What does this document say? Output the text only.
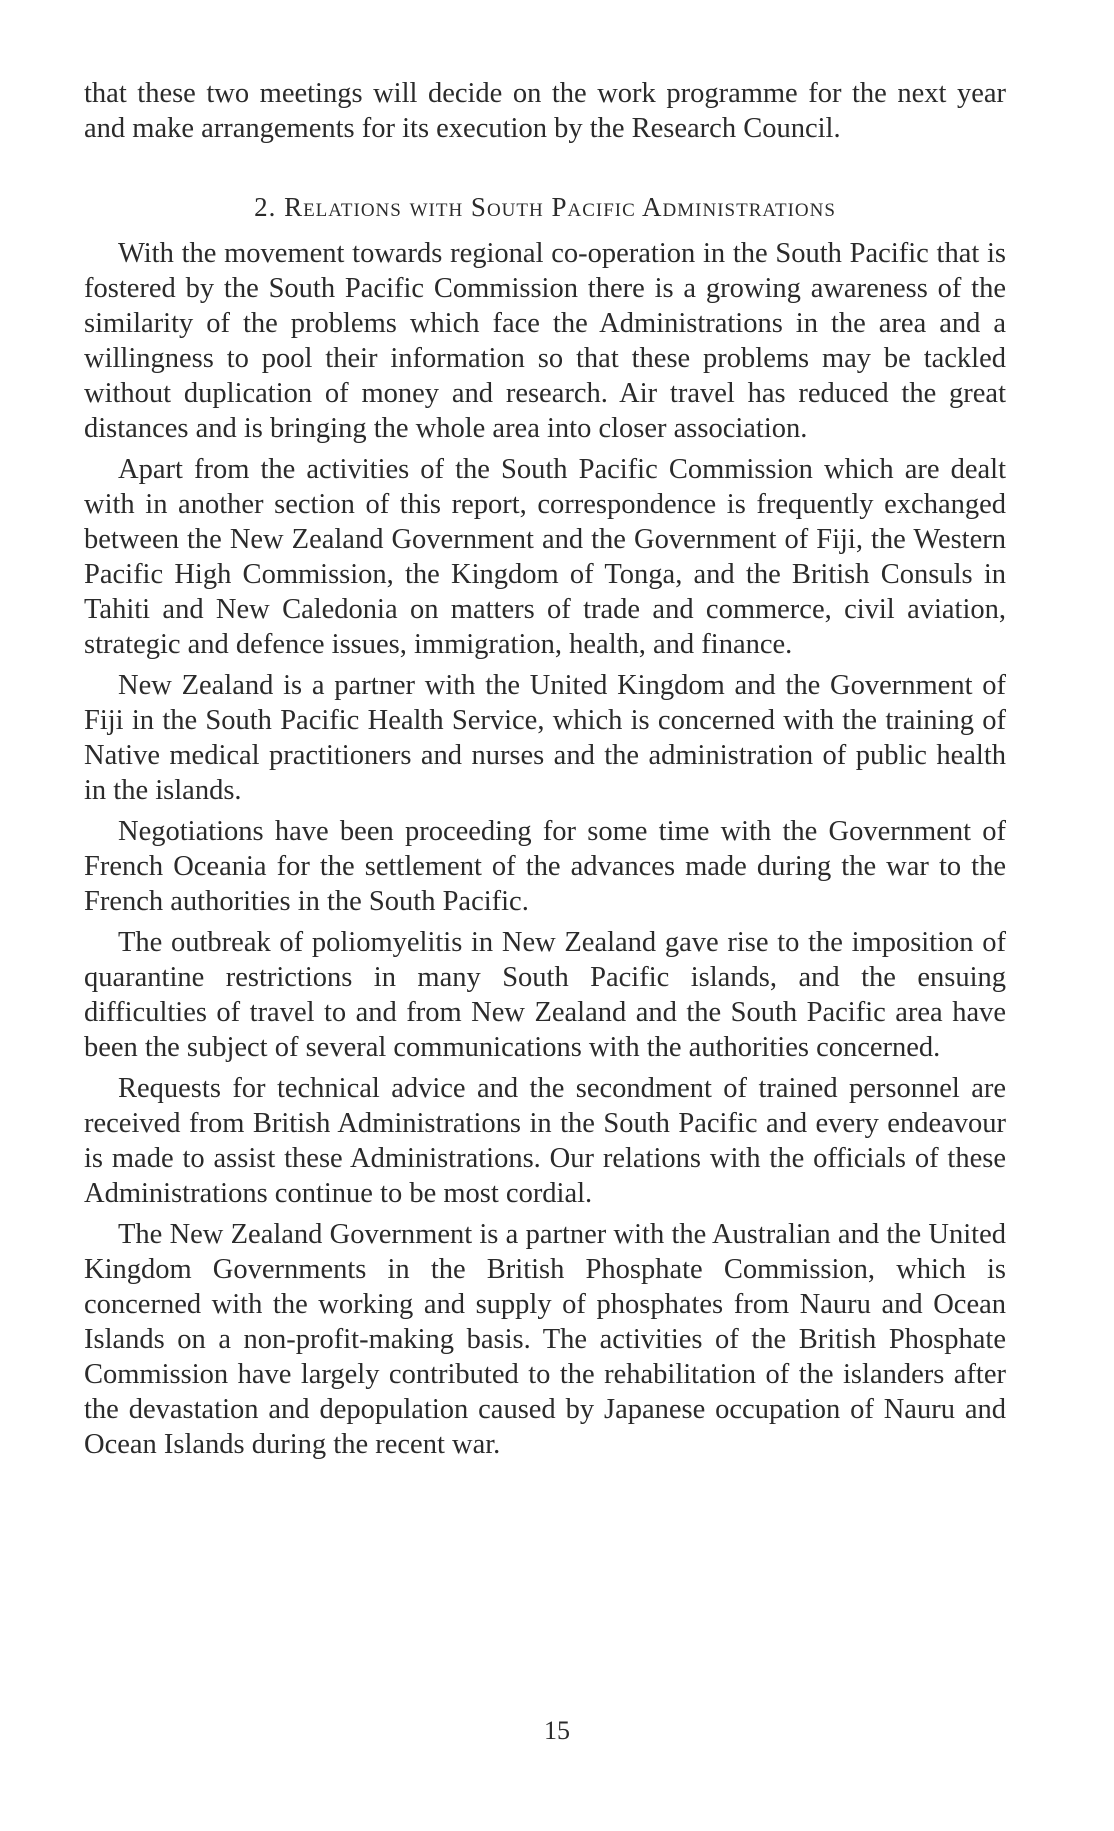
that these two meetings will decide on the work programme for the next year and make arrangements for its execution by the Research Council.

2. Relations with South Pacific Administrations

With the movement towards regional co-operation in the South Pacific that is fostered by the South Pacific Commission there is a growing awareness of the similarity of the problems which face the Administrations in the area and a willingness to pool their information so that these problems may be tackled without duplication of money and research. Air travel has reduced the great distances and is bringing the whole area into closer association.

Apart from the activities of the South Pacific Commission which are dealt with in another section of this report, correspondence is frequently exchanged between the New Zealand Government and the Government of Fiji, the Western Pacific High Commission, the Kingdom of Tonga, and the British Consuls in Tahiti and New Caledonia on matters of trade and commerce, civil aviation, strategic and defence issues, immigration, health, and finance.

New Zealand is a partner with the United Kingdom and the Government of Fiji in the South Pacific Health Service, which is concerned with the training of Native medical practitioners and nurses and the administration of public health in the islands.

Negotiations have been proceeding for some time with the Government of French Oceania for the settlement of the advances made during the war to the French authorities in the South Pacific.

The outbreak of poliomyelitis in New Zealand gave rise to the imposition of quarantine restrictions in many South Pacific islands, and the ensuing difficulties of travel to and from New Zealand and the South Pacific area have been the subject of several communications with the authorities concerned.

Requests for technical advice and the secondment of trained personnel are received from British Administrations in the South Pacific and every endeavour is made to assist these Administrations. Our relations with the officials of these Administrations continue to be most cordial.

The New Zealand Government is a partner with the Australian and the United Kingdom Governments in the British Phosphate Commission, which is concerned with the working and supply of phosphates from Nauru and Ocean Islands on a non-profit-making basis. The activities of the British Phosphate Commission have largely contributed to the rehabilitation of the islanders after the devastation and depopulation caused by Japanese occupation of Nauru and Ocean Islands during the recent war.

15
